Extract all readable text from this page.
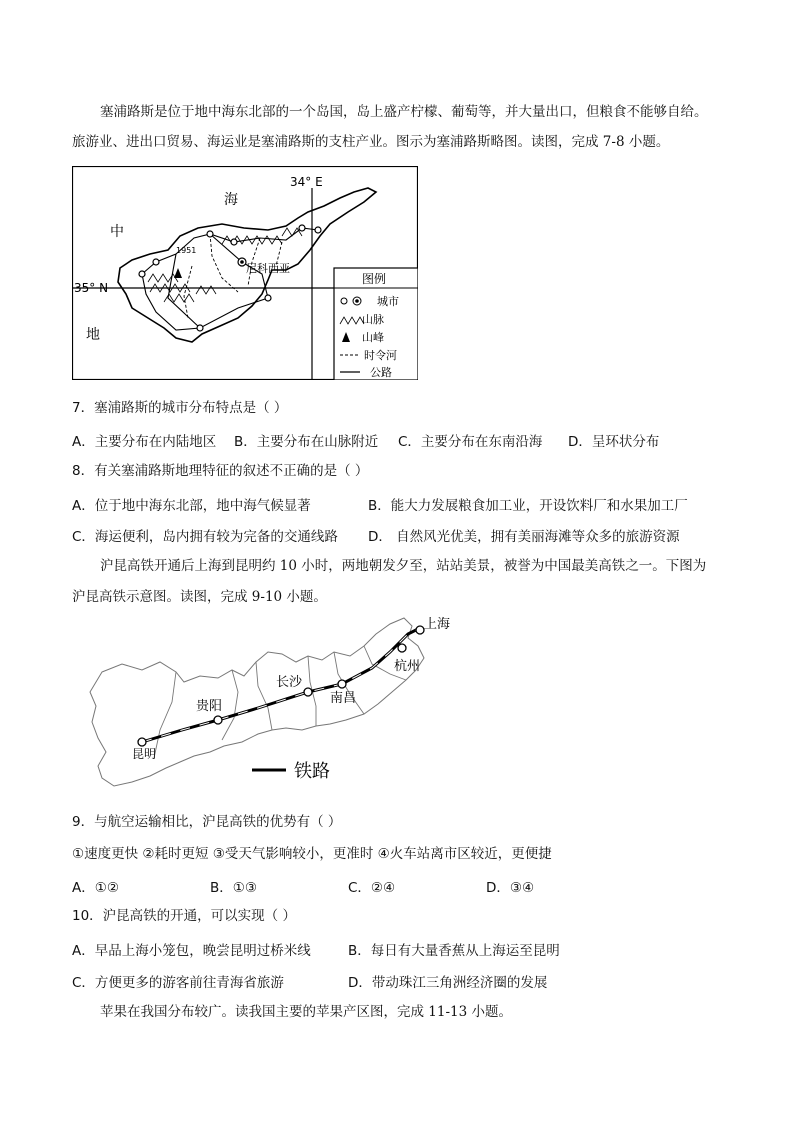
塞浦路斯是位于地中海东北部的一个岛国，岛上盛产柠檬、葡萄等，并大量出口，但粮食不能够自给。
旅游业、进出口贸易、海运业是塞浦路斯的支柱产业。图示为塞浦路斯略图。读图，完成 7-8 小题。
34° E
35° N
海
中
地
1951
尼科西亚
图例
城市
山脉
山峰
时令河
公路
7．塞浦路斯的城市分布特点是（ ）
A．主要分布在内陆地区 B．主要分布在山脉附近 C．主要分布在东南沿海 D．呈环状分布
8．有关塞浦路斯地理特征的叙述不正确的是（ ）
A．位于地中海东北部，地中海气候显著	B．能大力发展粮食加工业，开设饮料厂和水果加工厂
C．海运便利，岛内拥有较为完备的交通线路 D． 自然风光优美，拥有美丽海滩等众多的旅游资源
沪昆高铁开通后上海到昆明约 10 小时，两地朝发夕至，站站美景，被誉为中国最美高铁之一。下图为
沪昆高铁示意图。读图，完成 9-10 小题。
上海
杭州
南昌
长沙
贵阳
昆明
铁路
9．与航空运输相比，沪昆高铁的优势有（ ）
①速度更快 ②耗时更短 ③受天气影响较小，更准时 ④火车站离市区较近，更便捷
A．①②	B．①③	C．②④	D．③④
10．沪昆高铁的开通，可以实现（ ）
A．早品上海小笼包，晚尝昆明过桥米线	B．每日有大量香蕉从上海运至昆明
C．方便更多的游客前往青海省旅游	D．带动珠江三角洲经济圈的发展
苹果在我国分布较广。读我国主要的苹果产区图，完成 11-13 小题。
